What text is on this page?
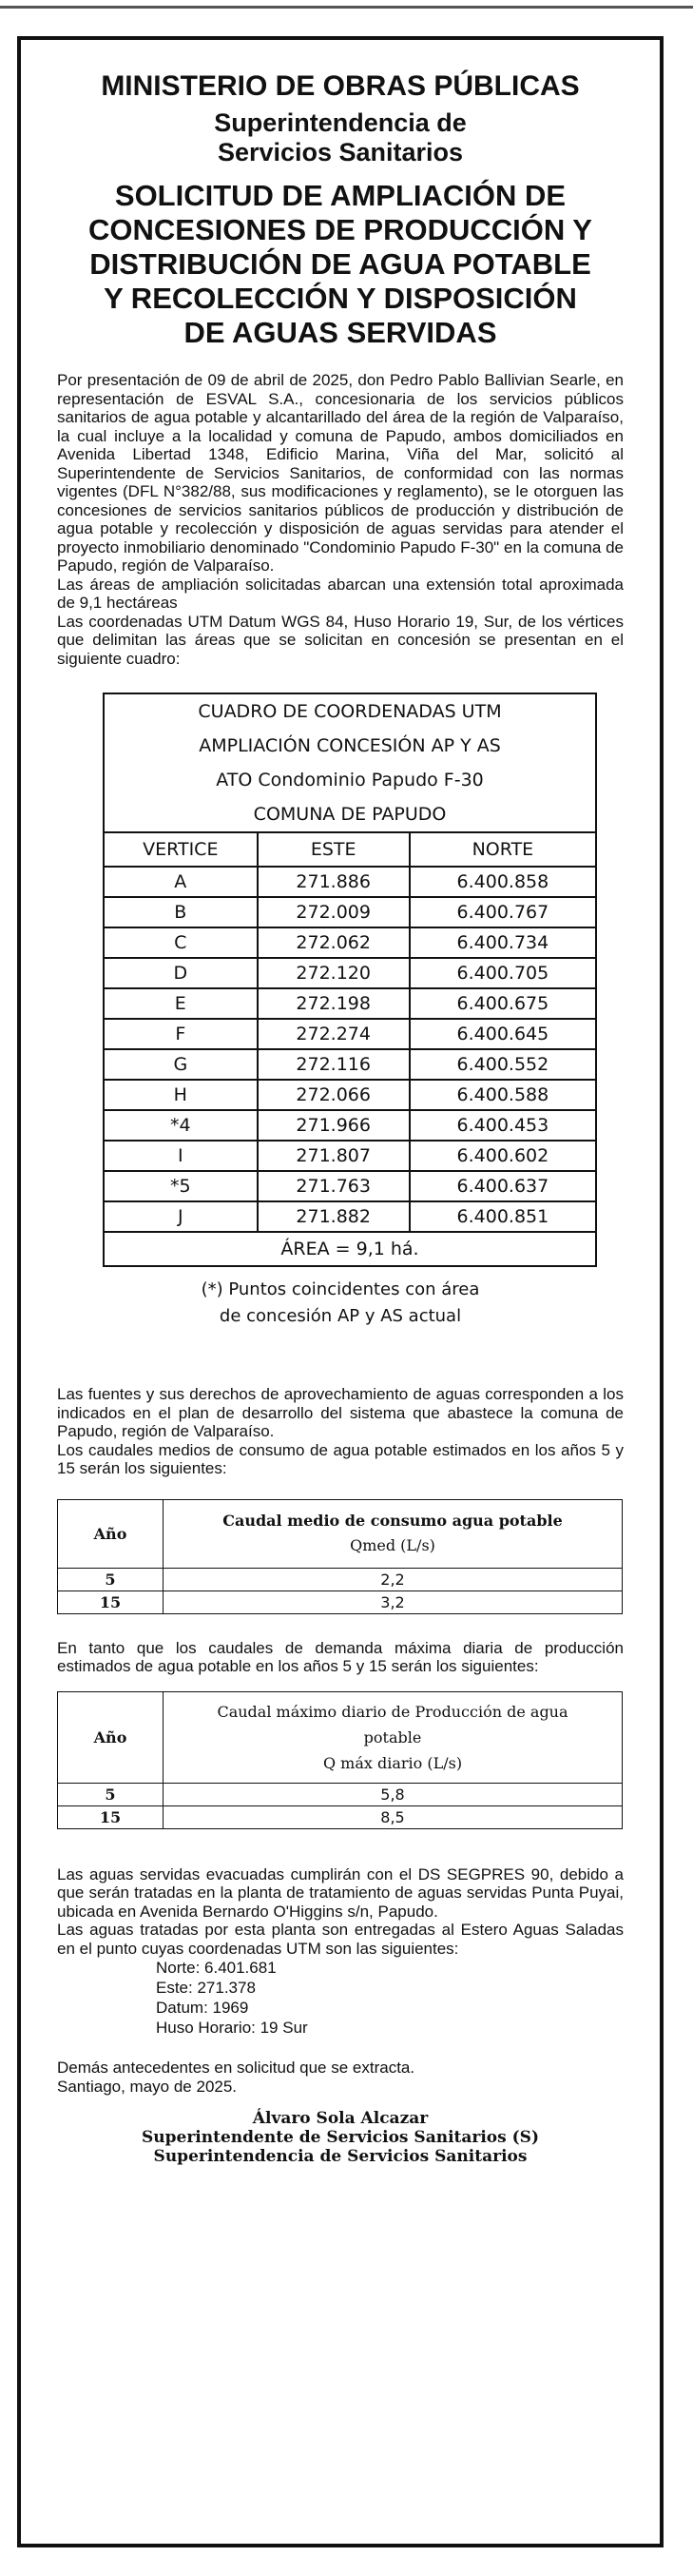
MINISTERIO DE OBRAS PÚBLICAS
Superintendencia de
Servicios Sanitarios
SOLICITUD DE AMPLIACIÓN DE
CONCESIONES DE PRODUCCIÓN Y
DISTRIBUCIÓN DE AGUA POTABLE
Y RECOLECCIÓN Y DISPOSICIÓN
DE AGUAS SERVIDAS

Por presentación de 09 de abril de 2025, don Pedro Pablo Ballivian Searle, en representación de ESVAL S.A., concesionaria de los servicios públicos sanitarios de agua potable y alcantarillado del área de la región de Valparaíso, la cual incluye a la localidad y comuna de Papudo, ambos domiciliados en Avenida Libertad 1348, Edificio Marina, Viña del Mar, solicitó al Superintendente de Servicios Sanitarios, de conformidad con las normas vigentes (DFL N°382/88, sus modificaciones y reglamento), se le otorguen las concesiones de servicios sanitarios públicos de producción y distribución de agua potable y recolección y disposición de aguas servidas para atender el proyecto inmobiliario denominado "Condominio Papudo F-30" en la comuna de Papudo, región de Valparaíso.

Las áreas de ampliación solicitadas abarcan una extensión total aproximada de 9,1 hectáreas

Las coordenadas UTM Datum WGS 84, Huso Horario 19, Sur, de los vértices que delimitan las áreas que se solicitan en concesión se presentan en el siguiente cuadro:

CUADRO DE COORDENADAS UTM		
AMPLIACIÓN CONCESIÓN AP Y AS		
ATO Condominio Papudo F-30		
COMUNA DE PAPUDO		
VERTICE	ESTE	NORTE
A	271.886	6.400.858
B	272.009	6.400.767
C	272.062	6.400.734
D	272.120	6.400.705
E	272.198	6.400.675
F	272.274	6.400.645
G	272.116	6.400.552
H	272.066	6.400.588
*4	271.966	6.400.453
I	271.807	6.400.602
*5	271.763	6.400.637
J	271.882	6.400.851
ÁREA = 9,1 há.		
(*) Puntos coincidentes con área
de concesión AP y AS actual

Las fuentes y sus derechos de aprovechamiento de aguas corresponden a los indicados en el plan de desarrollo del sistema que abastece la comuna de Papudo, región de Valparaíso.

Los caudales medios de consumo de agua potable estimados en los años 5 y 15 serán los siguientes:

Año	Caudal medio de consumo agua potable
Qmed (L/s)

5	2,2
15	3,2

En tanto que los caudales de demanda máxima diaria de producción estimados de agua potable en los años 5 y 15 serán los siguientes:

Año	Caudal máximo diario de Producción de agua
potable
Q máx diario (L/s)

5	5,8
15	8,5

Las aguas servidas evacuadas cumplirán con el DS SEGPRES 90, debido a que serán tratadas en la planta de tratamiento de aguas servidas Punta Puyai, ubicada en Avenida Bernardo O'Higgins s/n, Papudo.

Las aguas tratadas por esta planta son entregadas al Estero Aguas Saladas en el punto cuyas coordenadas UTM son las siguientes:

Norte: 6.401.681
Este: 271.378
Datum: 1969
Huso Horario: 19 Sur

Demás antecedentes en solicitud que se extracta.

Santiago, mayo de 2025.

Álvaro Sola Alcazar
Superintendente de Servicios Sanitarios (S)
Superintendencia de Servicios Sanitarios
